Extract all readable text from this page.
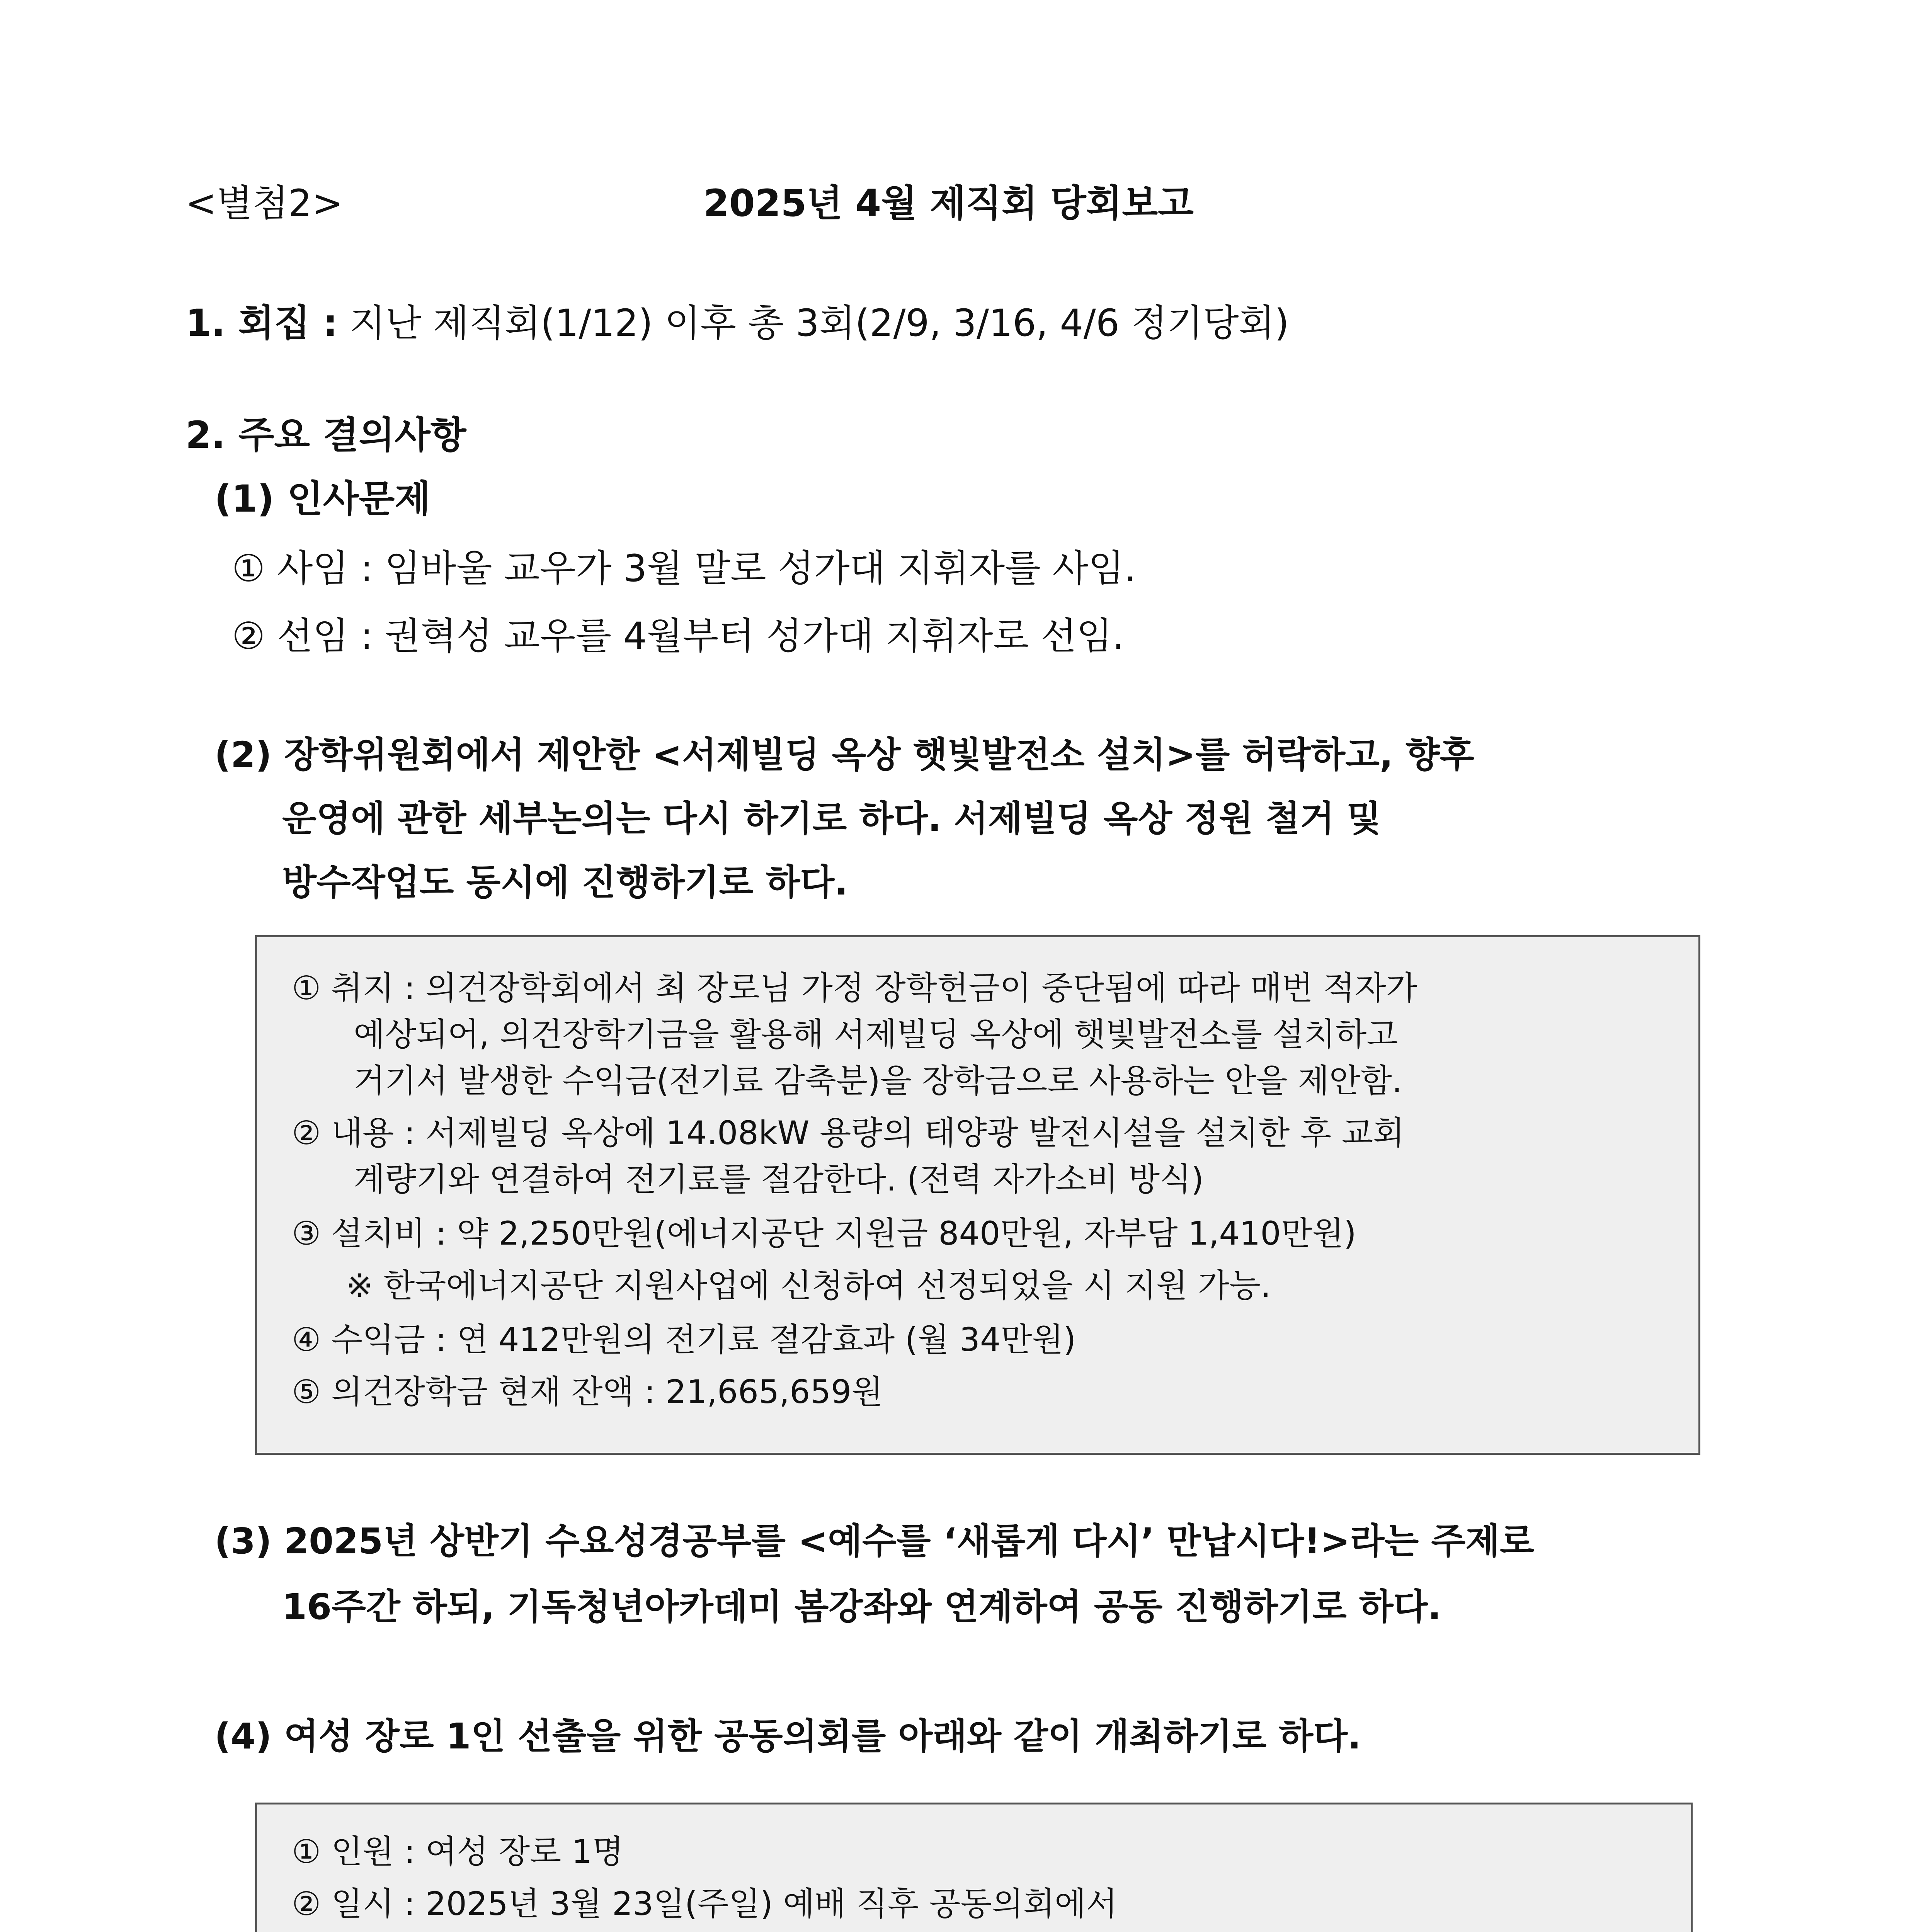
<별첨2>	2025년 4월 제직회 당회보고
1. 회집 : 지난 제직회(1/12) 이후 총 3회(2/9, 3/16, 4/6 정기당회)
2. 주요 결의사항
(1) 인사문제
① 사임 : 임바울 교우가 3월 말로 성가대 지휘자를 사임.
② 선임 : 권혁성 교우를 4월부터 성가대 지휘자로 선임.
(2) 장학위원회에서 제안한 <서제빌딩 옥상 햇빛발전소 설치>를 허락하고, 향후
운영에 관한 세부논의는 다시 하기로 하다. 서제빌딩 옥상 정원 철거 및
방수작업도 동시에 진행하기로 하다.
① 취지 : 의건장학회에서 최 장로님 가정 장학헌금이 중단됨에 따라 매번 적자가
예상되어, 의건장학기금을 활용해 서제빌딩 옥상에 햇빛발전소를 설치하고
거기서 발생한 수익금(전기료 감축분)을 장학금으로 사용하는 안을 제안함.
② 내용 : 서제빌딩 옥상에 14.08kW 용량의 태양광 발전시설을 설치한 후 교회
계량기와 연결하여 전기료를 절감한다. (전력 자가소비 방식)
③ 설치비 : 약 2,250만원(에너지공단 지원금 840만원, 자부담 1,410만원)
※ 한국에너지공단 지원사업에 신청하여 선정되었을 시 지원 가능.
④ 수익금 : 연 412만원의 전기료 절감효과 (월 34만원)
⑤ 의건장학금 현재 잔액 : 21,665,659원
(3) 2025년 상반기 수요성경공부를 <예수를 ‘새롭게 다시’ 만납시다!>라는 주제로
16주간 하되, 기독청년아카데미 봄강좌와 연계하여 공동 진행하기로 하다.
(4) 여성 장로 1인 선출을 위한 공동의회를 아래와 같이 개최하기로 하다.
① 인원 : 여성 장로 1명
② 일시 : 2025년 3월 23일(주일) 예배 직후 공동의회에서
